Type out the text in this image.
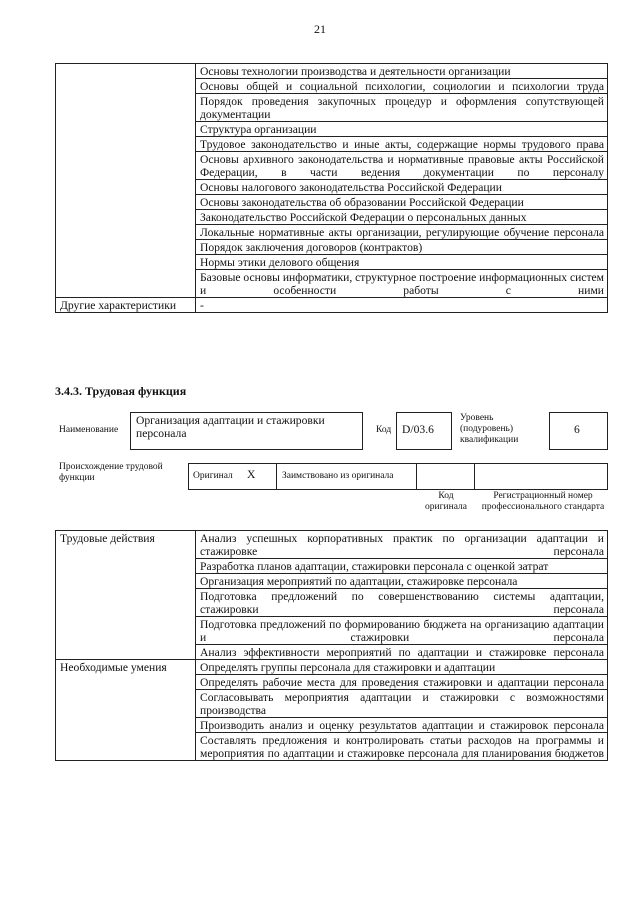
21
	Основы технологии производства и деятельности организации
	Основы общей и социальной психологии, социологии и психологии труда
	Порядок проведения закупочных процедур и оформления сопутствующей документации
	Структура организации
	Трудовое законодательство и иные акты, содержащие нормы трудового права
	Основы архивного законодательства и нормативные правовые акты Российской Федерации, в части ведения документации по персоналу
	Основы налогового законодательства Российской Федерации
	Основы законодательства об образовании Российской Федерации
	Законодательство Российской Федерации о персональных данных
	Локальные нормативные акты организации, регулирующие обучение персонала
	Порядок заключения договоров (контрактов)
	Нормы этики делового общения
	Базовые основы информатики, структурное построение информационных систем и особенности работы с ними
Другие характеристики	-
3.4.3. Трудовая функция
Наименование
Организация адаптации и стажировки персонала	Код D/03.6
Уровень (подуровень) квалификации
6
Происхождение трудовой функции	Оригинал X	Заимствовано из оригинала
Код оригинала
Регистрационный номер профессионального стандарта
Трудовые действия	Анализ успешных корпоративных практик по организации адаптации и стажировке персонала
	Разработка планов адаптации, стажировки персонала с оценкой затрат
	Организация мероприятий по адаптации, стажировке персонала
	Подготовка предложений по совершенствованию системы адаптации, стажировки персонала
	Подготовка предложений по формированию бюджета на организацию адаптации и стажировки персонала
	Анализ эффективности мероприятий по адаптации и стажировке персонала
Необходимые умения	Определять группы персонала для стажировки и адаптации
	Определять рабочие места для проведения стажировки и адаптации персонала
	Согласовывать мероприятия адаптации и стажировки с возможностями производства
	Производить анализ и оценку результатов адаптации и стажировок персонала
	Составлять предложения и контролировать статьи расходов на программы и мероприятия по адаптации и стажировке персонала для планирования бюджетов
